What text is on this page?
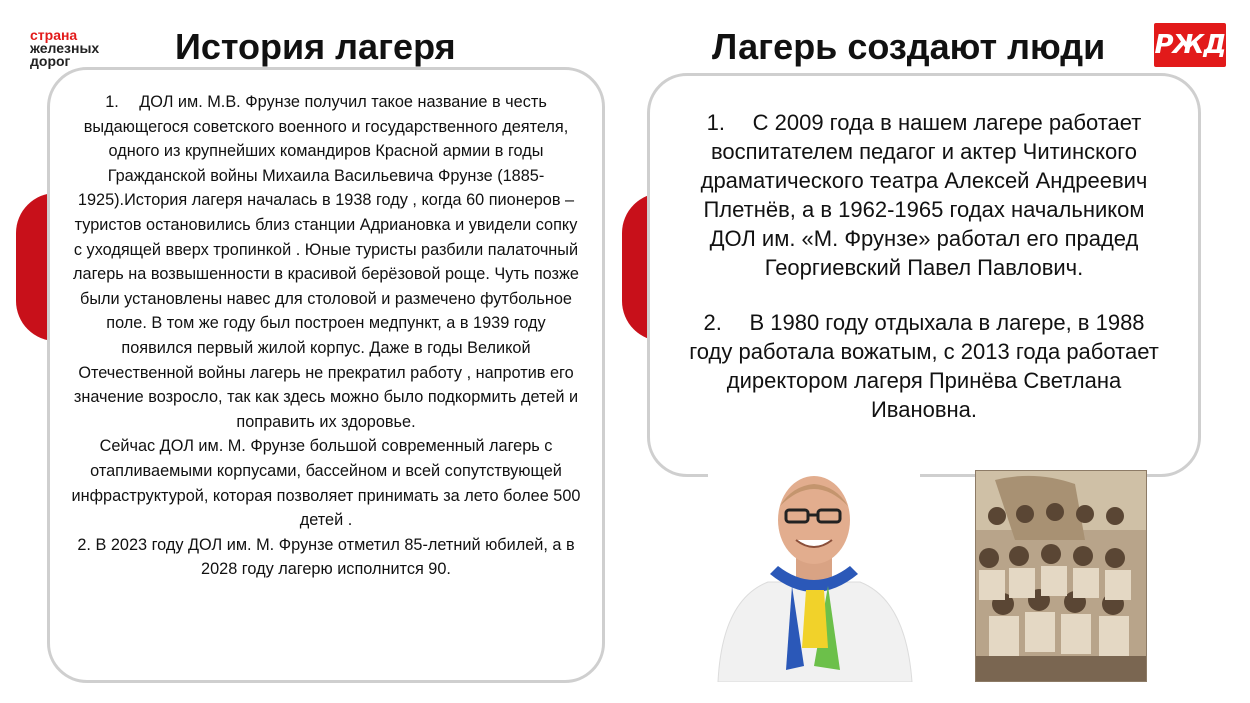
страна
железных
дорог	История лагеря	Лагерь создают люди РЖД

1. ДОЛ им. М.В. Фрунзе получил такое название в честь выдающегося советского военного и государственного деятеля, одного из крупнейших командиров Красной армии в годы Гражданской войны Михаила Васильевича Фрунзе (1885-1925).История лагеря началась в 1938 году , когда 60 пионеров –туристов остановились близ станции Адриановка и увидели сопку с уходящей вверх тропинкой . Юные туристы разбили палаточный лагерь на возвышенности в красивой берёзовой роще. Чуть позже были установлены навес для столовой и размечено футбольное поле. В том же году был построен медпункт, а в 1939 году появился первый жилой корпус. Даже в годы Великой Отечественной войны лагерь не прекратил работу , напротив его значение возросло, так как здесь можно было подкормить детей и поправить их здоровье.

Сейчас ДОЛ им. М. Фрунзе большой современный лагерь с отапливаемыми корпусами, бассейном и всей сопутствующей инфраструктурой, которая позволяет принимать за лето более 500 детей .

2. В 2023 году ДОЛ им. М. Фрунзе отметил 85-летний юбилей, а в 2028 году лагерю исполнится 90.

1. С 2009 года в нашем лагере работает воспитателем педагог и актер Читинского драматического театра Алексей Андреевич Плетнёв, а в 1962-1965 годах начальником ДОЛ им. «М. Фрунзе» работал его прадед Георгиевский Павел Павлович.

2. В 1980 году отдыхала в лагере, в 1988 году работала вожатым, с 2013 года работает директором лагеря Принёва Светлана Ивановна.
